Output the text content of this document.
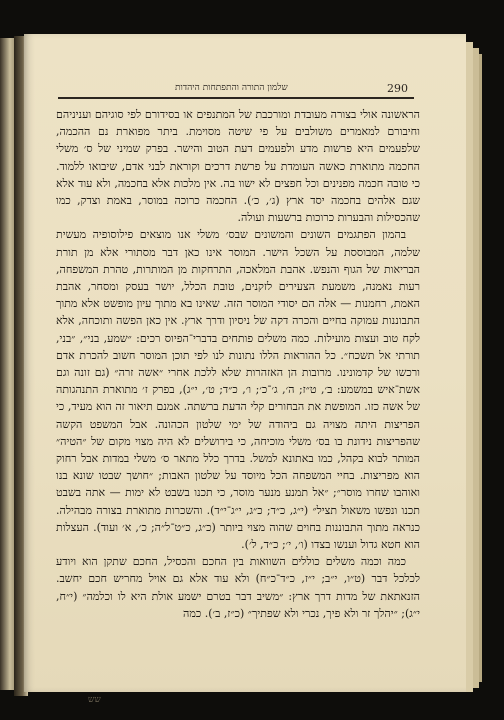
290
שלמון התורה והתפתחות היהדות

הראשונה אולי בצורה מעובדת ומורכבת של המתנפים או בסידורם לפי סוגיהם ועניניהם וחיבורם למאמרים משולבים על פי שיטה מסוימת. ביתר מפוארת נם ההכמה, שלפעמים היא פרשות מדע ולפעמים דעת הטוב והישר. בפרק שמיני של ס׳ משלי החכמה מתוארת כאשה העומדת על פרשת דרכים וקוראת לבני אדם, שיבואו ללמוד. כי טובה חכמה מפנינים וכל חפצים לא ישוו בה. אין מלכות אלא בחכמה, ולא עוד אלא שגם אלהים בחכמה יסד ארץ (ג׳, כ׳). החכמה כרוכה במוסר, באמת וצדק, כמו שהכסילות והבערות כרוכות ברשעות ועולה.

בהמון הפתגמים השונים והמשונים שבס׳ משלי אנו מוצאים פילוסופיה מעשית שלמה, המבוססת על השכל הישר. המוסר אינו כאן דבר מסתורי אלא מן תורת הבריאות של הגוף והנפש. אהבת המלאכה, התרחקות מן המותרות, טהרת המשפחה, רעות נאמנה, משמעת הצעירים לזקנים, טובת הכלל, יושר בעסק ומסחר, אהבת האמת, רחמנות — אלה הם יסודי המוסר הזה. שאינו בא מתוך עיון מופשט אלא מתוך התבוננות עמוקה בחיים והכרה דקה של ניסיון ודרך ארץ. אין כאן הפשה ותוכחה, אלא לקח טוב ועצות מועילות. כמה משלים פותחים בדברי־הפיוס רכים: ״שמע, בני״, ״בני, תורתי אל תשכח״. כל ההוראות הללו נתונות לנו לפי תוכן המוסר חשוב להכרת אדם ורכשו של קדמונינו. מרובות הן האזהרות שלא ללכת אחרי ״אשה זרה״ (גם זונה וגם אשת־איש במשמע: ב׳, ט״ז; ה׳, ג׳־כ׳; ו׳, כ״ד; ט׳, י״ג), בפרק ז׳ מתוארת התנהגותה של אשה כזו. המופשת את הבחורים קלי הדעת ברשתה. אמנם תיאור זה הוא מעיד, כי הפריצות היתה מצויה גם ביהודה של ימי שלטון הכהונה. אבל המשפט הקשה שהפריצות נידונת בו בס׳ משלי מוכיחה, כי בירושלים לא היה מצוי מקום של ״הטיה״ המותר לבוא בקהל, כמו באתונא למשל. בדרך כלל מתאר ס׳ משלי במדות אבל רחוק הוא מפריצות. בחיי המשפחה הכל מיוסד על שלטון האבות; ״חושך שבטו שונא בנו ואוהבו שחרו מוסר״; ״אל תמנע מנער מוסר, כי תכנו בשבט לא ימות — אתה בשבט תכנו ונפשו משאול תציל״ (י״ג, כ״ד; כ״ג, י״ג־י״ד). והשכרות מתוארת בצורה מבהילה. כנראה מתוך התבוננות בחוים שהוה מצוי ביותר (כ״ג, כ״ט־ל״ה; כ׳, א׳ ועוד). העצלות הוא חטא גדול וענשו בצדו (ו׳, י׳; כ״ד, ל׳).

כמה וכמה משלים כוללים השוואות בין החכם והכסיל, החכם שתקן הוא ויודע לכלכל דבר (ט״ו, י״ב; י״ז, כ״ד־כ״ח) ולא עוד אלא גם אויל מחריש חכם יחשב. הזנאתאת של מדות דרך ארץ: ״משיב דבר בטרם ישמע אולת היא לו וכלמה״ (י״ח, י״ג); ״יהלך זר ולא פיך, נכרי ולא שפתיך״ (כ״ז, ב׳). כמה

שש
